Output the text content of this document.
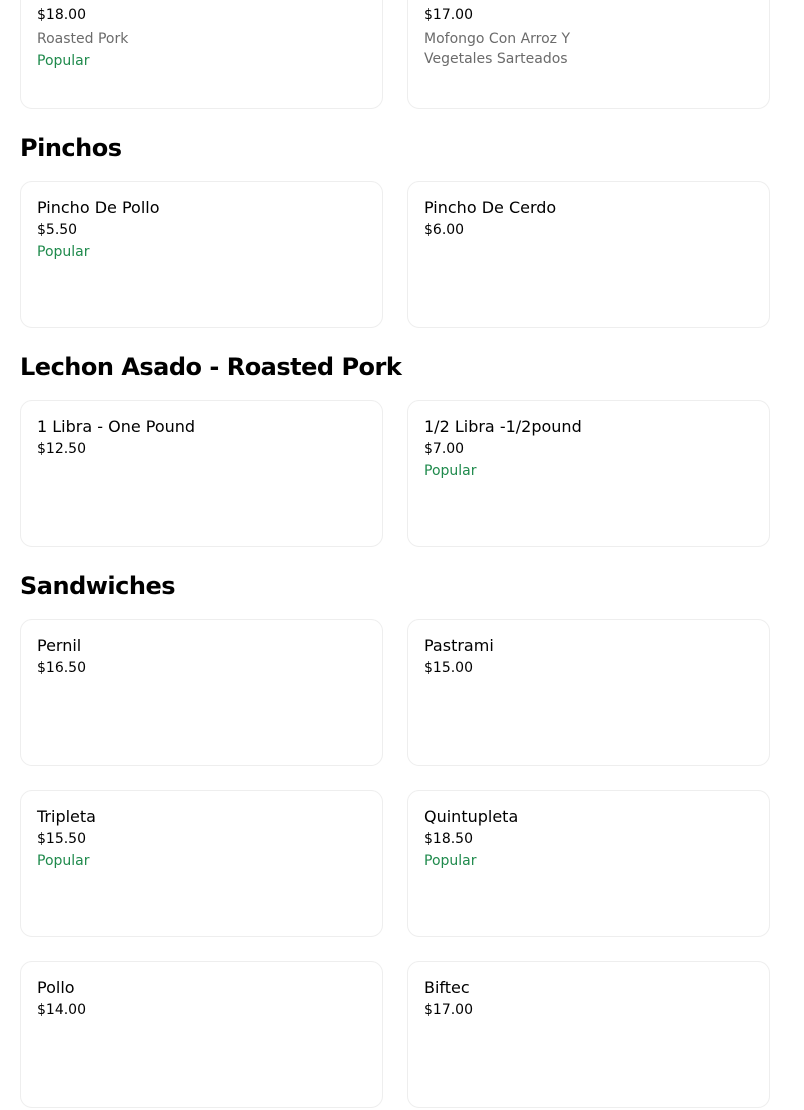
$18.00
Roasted Pork
Popular
$17.00
Mofongo Con Arroz Y Vegetales Sarteados
Pinchos
Pincho De Pollo
$5.50
Popular
Pincho De Cerdo
$6.00
Lechon Asado - Roasted Pork
1 Libra - One Pound
$12.50
1/2 Libra -1/2pound
$7.00
Popular
Sandwiches
Pernil
$16.50
Pastrami
$15.00
Tripleta
$15.50
Popular
Quintupleta
$18.50
Popular
Pollo
$14.00
Biftec
$17.00
